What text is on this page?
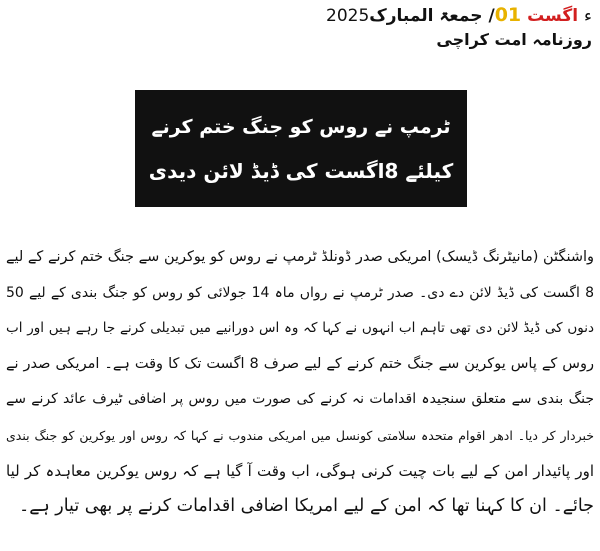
2025ء اگست 01/ جمعۃ المبارک
روزنامہ امت کراچی
ٹرمپ نے روس کو جنگ ختم کرنے
کیلئے 8اگست کی ڈیڈ لائن دیدی
واشنگٹن (مانیٹرنگ ڈیسک) امریکی صدر ڈونلڈ ٹرمپ نے روس کو یوکرین سے جنگ ختم کرنے کے لیے
8 اگست کی ڈیڈ لائن دے دی۔ صدر ٹرمپ نے رواں ماہ 14 جولائی کو روس کو جنگ بندی کے لیے 50
دنوں کی ڈیڈ لائن دی تھی تاہم اب انہوں نے کہا کہ وہ اس دورانیے میں تبدیلی کرنے جا رہے ہیں اور اب
روس کے پاس یوکرین سے جنگ ختم کرنے کے لیے صرف 8 اگست تک کا وقت ہے۔ امریکی صدر نے
جنگ بندی سے متعلق سنجیدہ اقدامات نہ کرنے کی صورت میں روس پر اضافی ٹیرف عائد کرنے سے
خبردار کر دیا۔ ادھر اقوام متحدہ سلامتی کونسل میں امریکی مندوب نے کہا کہ روس اور یوکرین کو جنگ بندی
اور پائیدار امن کے لیے بات چیت کرنی ہوگی، اب وقت آ گیا ہے کہ روس یوکرین معاہدہ کر لیا
جائے۔ ان کا کہنا تھا کہ امن کے لیے امریکا اضافی اقدامات کرنے پر بھی تیار ہے۔
